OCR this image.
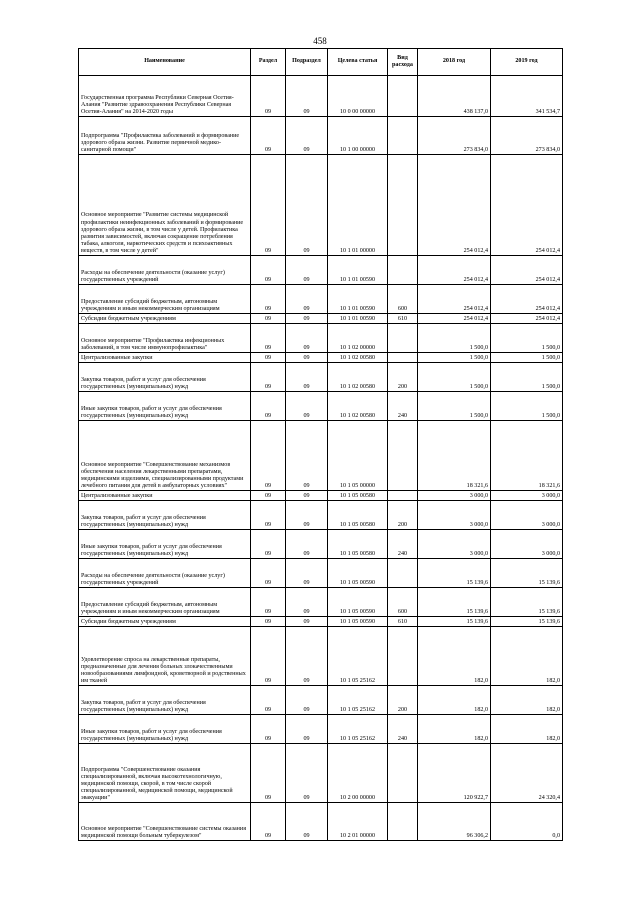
458
Наименование	Раздел	Подраздел	Целева статья	Вид расхода	2018 год	2019 год
Государственная программа Республики Северная Осетия-Алания "Развитие здравоохранения Республики Северная Осетия-Алания" на 2014-2020 годы	09	09	10 0 00 00000		438 137,0	341 534,7
Подпрограмма "Профилактика заболеваний и формирование здорового образа жизни. Развитие первичной медико-санитарной помощи"	09	09	10 1 00 00000		273 834,0	273 834,0
Основное мероприятие "Развитие системы медицинской профилактики неинфекционных заболеваний и формирование здорового образа жизни, в том числе у детей. Профилактика развития зависимостей, включая сокращение потребления табака, алкоголя, наркотических средств и психоактивных веществ, в том числе у детей"	09	09	10 1 01 00000		254 012,4	254 012,4
Расходы на обеспечение деятельности (оказание услуг) государственных учреждений	09	09	10 1 01 00590		254 012,4	254 012,4
Предоставление субсидий бюджетным, автономным учреждениям и иным некоммерческим организациям	09	09	10 1 01 00590	600	254 012,4	254 012,4
Субсидии бюджетным учреждениям	09	09	10 1 01 00590	610	254 012,4	254 012,4
Основное мероприятие "Профилактика инфекционных заболеваний, в том числе иммунопрофилактика"	09	09	10 1 02 00000		1 500,0	1 500,0
Централизованные закупки	09	09	10 1 02 00580		1 500,0	1 500,0
Закупка товаров, работ и услуг для обеспечения государственных (муниципальных) нужд	09	09	10 1 02 00580	200	1 500,0	1 500,0
Иные закупки товаров, работ и услуг для обеспечения государственных (муниципальных) нужд	09	09	10 1 02 00580	240	1 500,0	1 500,0
Основное мероприятие "Совершенствование механизмов обеспечения населения лекарственными препаратами, медицинскими изделиями, специализированными продуктами лечебного питания для детей в амбулаторных условиях"	09	09	10 1 05 00000		18 321,6	18 321,6
Централизованные закупки	09	09	10 1 05 00580		3 000,0	3 000,0
Закупка товаров, работ и услуг для обеспечения государственных (муниципальных) нужд	09	09	10 1 05 00580	200	3 000,0	3 000,0
Иные закупки товаров, работ и услуг для обеспечения государственных (муниципальных) нужд	09	09	10 1 05 00580	240	3 000,0	3 000,0
Расходы на обеспечение деятельности (оказание услуг) государственных учреждений	09	09	10 1 05 00590		15 139,6	15 139,6
Предоставление субсидий бюджетным, автономным учреждениям и иным некоммерческим организациям	09	09	10 1 05 00590	600	15 139,6	15 139,6
Субсидии бюджетным учреждениям	09	09	10 1 05 00590	610	15 139,6	15 139,6
Удовлетворение спроса на лекарственные препараты, предназначенные для лечения больных злокачественными новообразованиями лимфоидной, кроветворной и родственных им тканей	09	09	10 1 05 25162		182,0	182,0
Закупка товаров, работ и услуг для обеспечения государственных (муниципальных) нужд	09	09	10 1 05 25162	200	182,0	182,0
Иные закупки товаров, работ и услуг для обеспечения государственных (муниципальных) нужд	09	09	10 1 05 25162	240	182,0	182,0
Подпрограмма "Совершенствование оказания специализированной, включая высокотехнологичную, медицинской помощи, скорой, в том числе скорой специализированной, медицинской помощи, медицинской эвакуации"	09	09	10 2 00 00000		120 922,7	24 320,4
Основное мероприятие "Совершенствование системы оказания медицинской помощи больным туберкулезом"	09	09	10 2 01 00000		96 306,2	0,0
